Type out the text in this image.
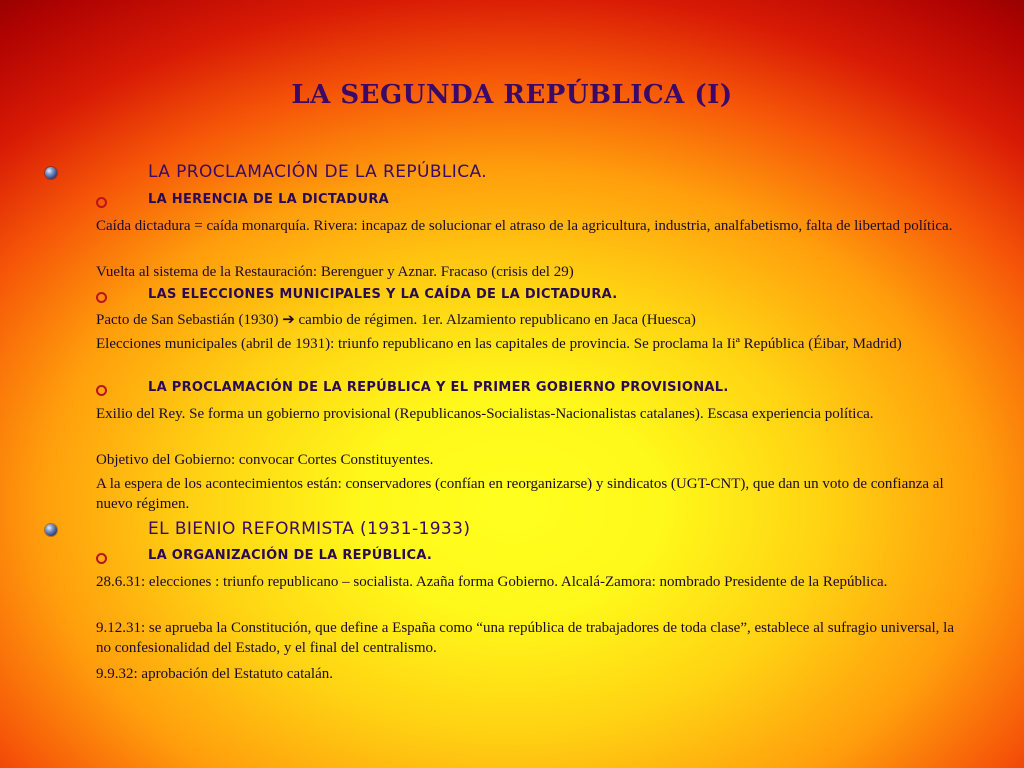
LA SEGUNDA REPÚBLICA (I)
LA PROCLAMACIÓN DE LA REPÚBLICA.
LA HERENCIA DE LA DICTADURA
Caída dictadura = caída monarquía. Rivera: incapaz de solucionar el atraso de la agricultura, industria, analfabetismo, falta de libertad política.
Vuelta al sistema de la Restauración: Berenguer y Aznar. Fracaso (crisis del 29)
LAS ELECCIONES MUNICIPALES Y LA CAÍDA DE LA DICTADURA.
Pacto de San Sebastián (1930) ➔ cambio de régimen. 1er. Alzamiento republicano en Jaca (Huesca)
Elecciones municipales (abril de 1931): triunfo republicano en las capitales de provincia. Se proclama la Iiª República (Éibar, Madrid)
LA PROCLAMACIÓN DE LA REPÚBLICA Y EL PRIMER GOBIERNO PROVISIONAL.
Exilio del Rey. Se forma un gobierno provisional (Republicanos-Socialistas-Nacionalistas catalanes). Escasa experiencia política.
Objetivo del Gobierno: convocar Cortes Constituyentes.
A la espera de los acontecimientos están: conservadores (confían en reorganizarse) y sindicatos (UGT-CNT), que dan un voto de confianza al nuevo régimen.
EL BIENIO REFORMISTA (1931-1933)
LA ORGANIZACIÓN DE LA REPÚBLICA.
28.6.31: elecciones : triunfo republicano – socialista. Azaña forma Gobierno. Alcalá-Zamora: nombrado Presidente de la República.
9.12.31: se aprueba la Constitución, que define a España como “una república de trabajadores de toda clase”, establece al sufragio universal, la no confesionalidad del Estado, y el final del centralismo.
9.9.32: aprobación del Estatuto catalán.
